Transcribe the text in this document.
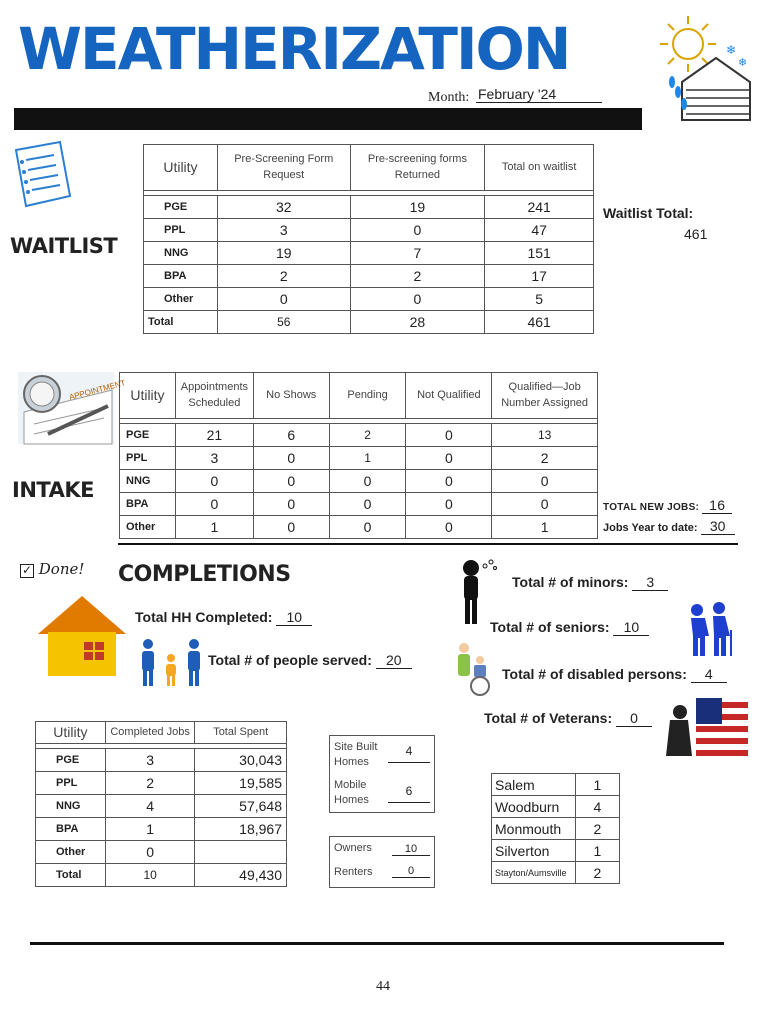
WEATHERIZATION
Month: February '24
❄
❄
WAITLIST
Utility	Pre-Screening Form Request	Pre-screening forms Returned	Total on waitlist

PGE	32	19	241
PPL	3	0	47
NNG	19	7	151
BPA	2	2	17
Other	0	0	5
Total	56	28	461
Waitlist Total:
461
APPOINTMENT
INTAKE
Utility	Appointments Scheduled	No Shows	Pending	Not Qualified	Qualified—Job Number Assigned

PGE	21	6	2	0	13
PPL	3	0	1	0	2
NNG	0	0	0	0	0
BPA	0	0	0	0	0
Other	1	0	0	0	1
TOTAL NEW JOBS: 16
Jobs Year to date: 30
✓ Done! COMPLETIONS
Total HH Completed: 10
Total # of people served: 20
Total # of minors: 3
Total # of seniors: 10
Total # of disabled persons: 4
Total # of Veterans: 0
Utility	Completed Jobs	Total Spent

PGE	3	30,043
PPL	2	19,585
NNG	4	57,648
BPA	1	18,967
Other	0	
Total	10	49,430
Site Built Homes
4
Mobile Homes
6
Owners	10
Renters	0
Salem	1
Woodburn	4
Monmouth	2
Silverton	1
Stayton/Aumsville	2
44
